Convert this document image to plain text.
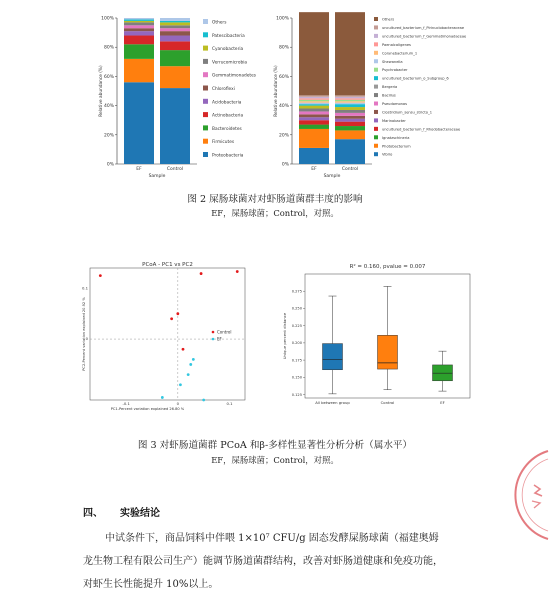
0%
20%
40%
60%
80%
100%
Relative abundance (%)
Sample
EF	Control
Others
Patescibacteria
Cyanobacteria
Verrucomicrobia
Gemmatimonadetes
Chloroflexi
Acidobacteria
Actinobacteria
Bacteroidetes
Firmicutes
Proteobacteria
0%
20%
40%
60%
80%
100%
Relative abundance (%)
Sample
EF	Control
Others
uncultured_bacterium_f_Pirinuclobacteraceae
uncultured_bacterium_f_Gemmatimonadaceae
Paenalcaligenes
Corynebacterium_1
Shewanella
Psychrobacter
uncultured_bacterium_o_Subgroup_6
Bergeria
Bacillus
Pseudomonas
Clostridium_sensu_stricto_1
Marinobacter
uncultured_bacterium_f_Rhodobacteraceae
Ignatzschineria
Photobacterium
Vibrio
图 2 屎肠球菌对对虾肠道菌群丰度的影响
EF，屎肠球菌；Control，对照。
PCoA - PC1 vs PC2
-0.1	0	0.1
0
0.1
PC1-Percent variation explained 26.80 %
PC2-Percent variation explained 20.92 %	Control
EF
R² = 0.160, pvalue = 0.007
0.125
0.150
0.175
0.200
0.225
0.250
0.275
Unique percent distance
All between group	Control	EF
图 3 对虾肠道菌群 PCoA 和β-多样性显著性分析分析（属水平）
EF，屎肠球菌；Control，对照。
四、 实验结论
中试条件下，商品饲料中伴喂 1×10⁷ CFU/g 固态发酵屎肠球菌（福建奥姆
龙生物工程有限公司生产）能调节肠道菌群结构，改善对虾肠道健康和免疫功能，
对虾生长性能提升 10%以上。
